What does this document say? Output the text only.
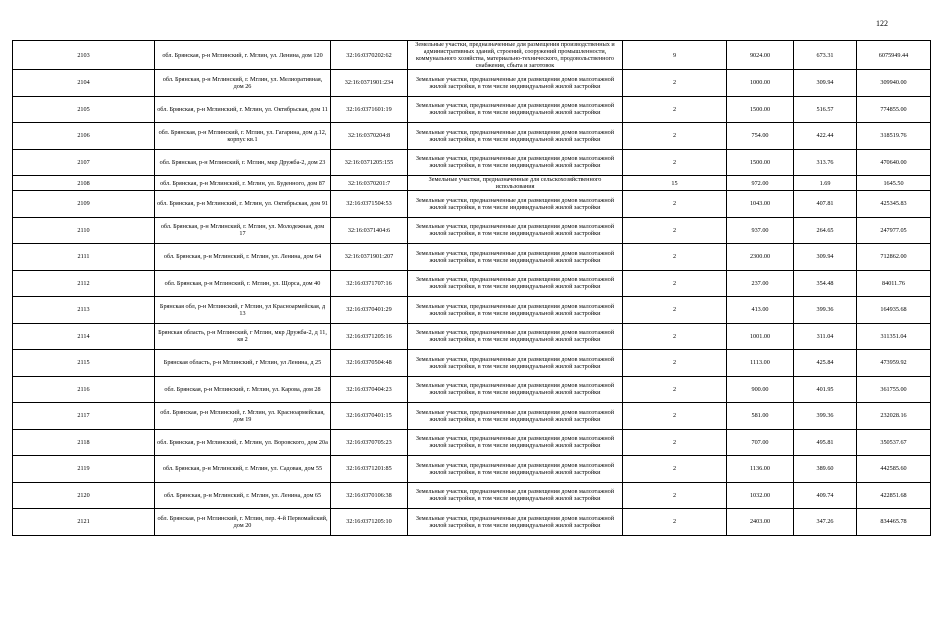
122
2103	обл. Брянская, р-н Мглинский, г. Мглин, ул. Ленина, дом 120	32:16:0370202:62	Земельные участки, предназначенные для размещения производственных и административных зданий, строений, сооружений промышленности, коммунального хозяйства, материально-технического, продовольственного снабжения, сбыта и заготовок	9	9024.00	673.31	6075949.44
2104	обл. Брянская, р-н Мглинский, г. Мглин, ул. Мелиоративная, дом 26	32:16:0371901:234	Земельные участки, предназначенные для размещения домов малоэтажной жилой застройки, в том числе индивидуальной жилой застройки	2	1000.00	309.94	309940.00
2105	обл. Брянская, р-н Мглинский, г. Мглин, ул. Октябрьская, дом 11	32:16:0371601:19	Земельные участки, предназначенные для размещения домов малоэтажной жилой застройки, в том числе индивидуальной жилой застройки	2	1500.00	516.57	774855.00
2106	обл. Брянская, р-н Мглинский, г. Мглин, ул. Гагарина, дом д.12, корпус кв.1	32:16:0370204:8	Земельные участки, предназначенные для размещения домов малоэтажной жилой застройки, в том числе индивидуальной жилой застройки	2	754.00	422.44	318519.76
2107	обл. Брянская, р-н Мглинский, г. Мглин, мкр Дружба-2, дом 23	32:16:0371205:155	Земельные участки, предназначенные для размещения домов малоэтажной жилой застройки, в том числе индивидуальной жилой застройки	2	1500.00	313.76	470640.00
2108	обл. Брянская, р-н Мглинский, г. Мглин, ул. Буденного, дом 87	32:16:0370201:7	Земельные участки, предназначенные для сельскохозяйственного использования	15	972.00	1.69	1645.50
2109	обл. Брянская, р-н Мглинский, г. Мглин, ул. Октябрьская, дом 91	32:16:0371504:53	Земельные участки, предназначенные для размещения домов малоэтажной жилой застройки, в том числе индивидуальной жилой застройки	2	1043.00	407.81	425345.83
2110	обл. Брянская, р-н Мглинский, г. Мглин, ул. Молодежная, дом 17	32:16:0371404:6	Земельные участки, предназначенные для размещения домов малоэтажной жилой застройки, в том числе индивидуальной жилой застройки	2	937.00	264.65	247977.05
2111	обл. Брянская, р-н Мглинский, г. Мглин, ул. Ленина, дом 64	32:16:0371901:207	Земельные участки, предназначенные для размещения домов малоэтажной жилой застройки, в том числе индивидуальной жилой застройки	2	2300.00	309.94	712862.00
2112	обл. Брянская, р-н Мглинский, г. Мглин, ул. Щорса, дом 40	32:16:0371707:16	Земельные участки, предназначенные для размещения домов малоэтажной жилой застройки, в том числе индивидуальной жилой застройки	2	237.00	354.48	84011.76
2113	Брянская обл, р-н Мглинский, г Мглин, ул Красноармейская, д 13	32:16:0370401:29	Земельные участки, предназначенные для размещения домов малоэтажной жилой застройки, в том числе индивидуальной жилой застройки	2	413.00	399.36	164935.68
2114	Брянская область, р-н Мглинский, г Мглин, мкр Дружба-2, д 11, кв 2	32:16:0371205:16	Земельные участки, предназначенные для размещения домов малоэтажной жилой застройки, в том числе индивидуальной жилой застройки	2	1001.00	311.04	311351.04
2115	Брянская область, р-н Мглинский, г Мглин, ул Ленина, д 25	32:16:0370504:48	Земельные участки, предназначенные для размещения домов малоэтажной жилой застройки, в том числе индивидуальной жилой застройки	2	1113.00	425.84	473959.92
2116	обл. Брянская, р-н Мглинский, г. Мглин, ул. Карова, дом 28	32:16:0370404:23	Земельные участки, предназначенные для размещения домов малоэтажной жилой застройки, в том числе индивидуальной жилой застройки	2	900.00	401.95	361755.00
2117	обл. Брянская, р-н Мглинский, г. Мглин, ул. Красноармейская, дом 19	32:16:0370401:15	Земельные участки, предназначенные для размещения домов малоэтажной жилой застройки, в том числе индивидуальной жилой застройки	2	581.00	399.36	232028.16
2118	обл. Брянская, р-н Мглинский, г. Мглин, ул. Воровского, дом 20а	32:16:0370705:23	Земельные участки, предназначенные для размещения домов малоэтажной жилой застройки, в том числе индивидуальной жилой застройки	2	707.00	495.81	350537.67
2119	обл. Брянская, р-н Мглинский, г. Мглин, ул. Садовая, дом 55	32:16:0371201:85	Земельные участки, предназначенные для размещения домов малоэтажной жилой застройки, в том числе индивидуальной жилой застройки	2	1136.00	389.60	442585.60
2120	обл. Брянская, р-н Мглинский, г. Мглин, ул. Ленина, дом 65	32:16:0370106:38	Земельные участки, предназначенные для размещения домов малоэтажной жилой застройки, в том числе индивидуальной жилой застройки	2	1032.00	409.74	422851.68
2121	обл. Брянская, р-н Мглинский, г. Мглин, пер. 4-й Первомайский, дом 20	32:16:0371205:10	Земельные участки, предназначенные для размещения домов малоэтажной жилой застройки, в том числе индивидуальной жилой застройки	2	2403.00	347.26	834465.78
